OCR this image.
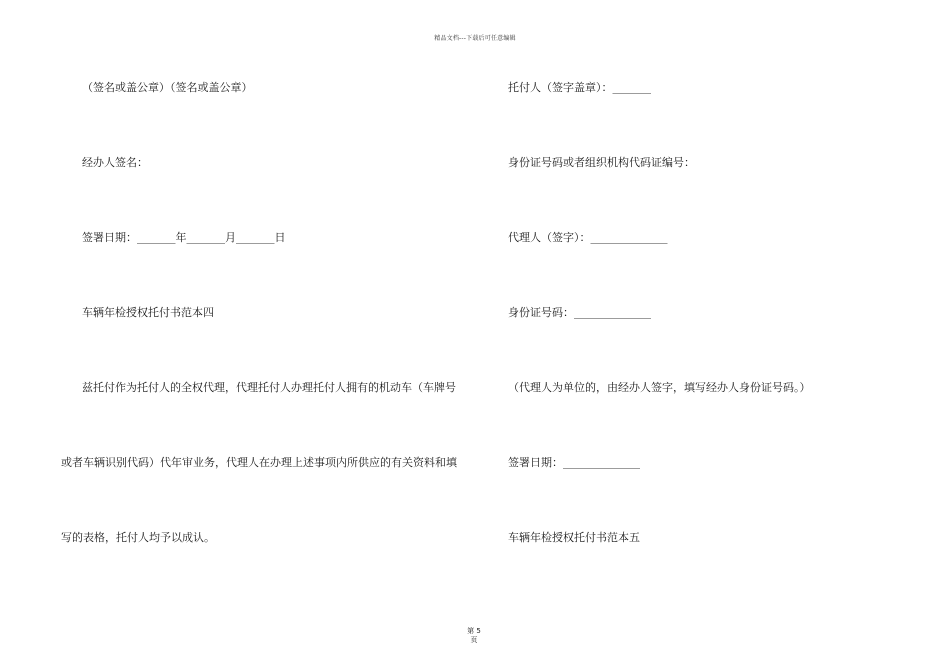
精品文档---下载后可任意编辑
（签名或盖公章）（签名或盖公章）
经办人签名：
签署日期：_______年_______月_______日
车辆年检授权托付书范本四
兹托付作为托付人的全权代理，代理托付人办理托付人拥有的机动车（车牌号
或者车辆识别代码）代年审业务，代理人在办理上述事项内所供应的有关资料和填
写的表格，托付人均予以成认。
托付人（签字盖章）：_______
身份证号码或者组织机构代码证编号：
代理人（签字）：______________
身份证号码：______________
（代理人为单位的，由经办人签字，填写经办人身份证号码。）
签署日期：______________
车辆年检授权托付书范本五
第 5
页
